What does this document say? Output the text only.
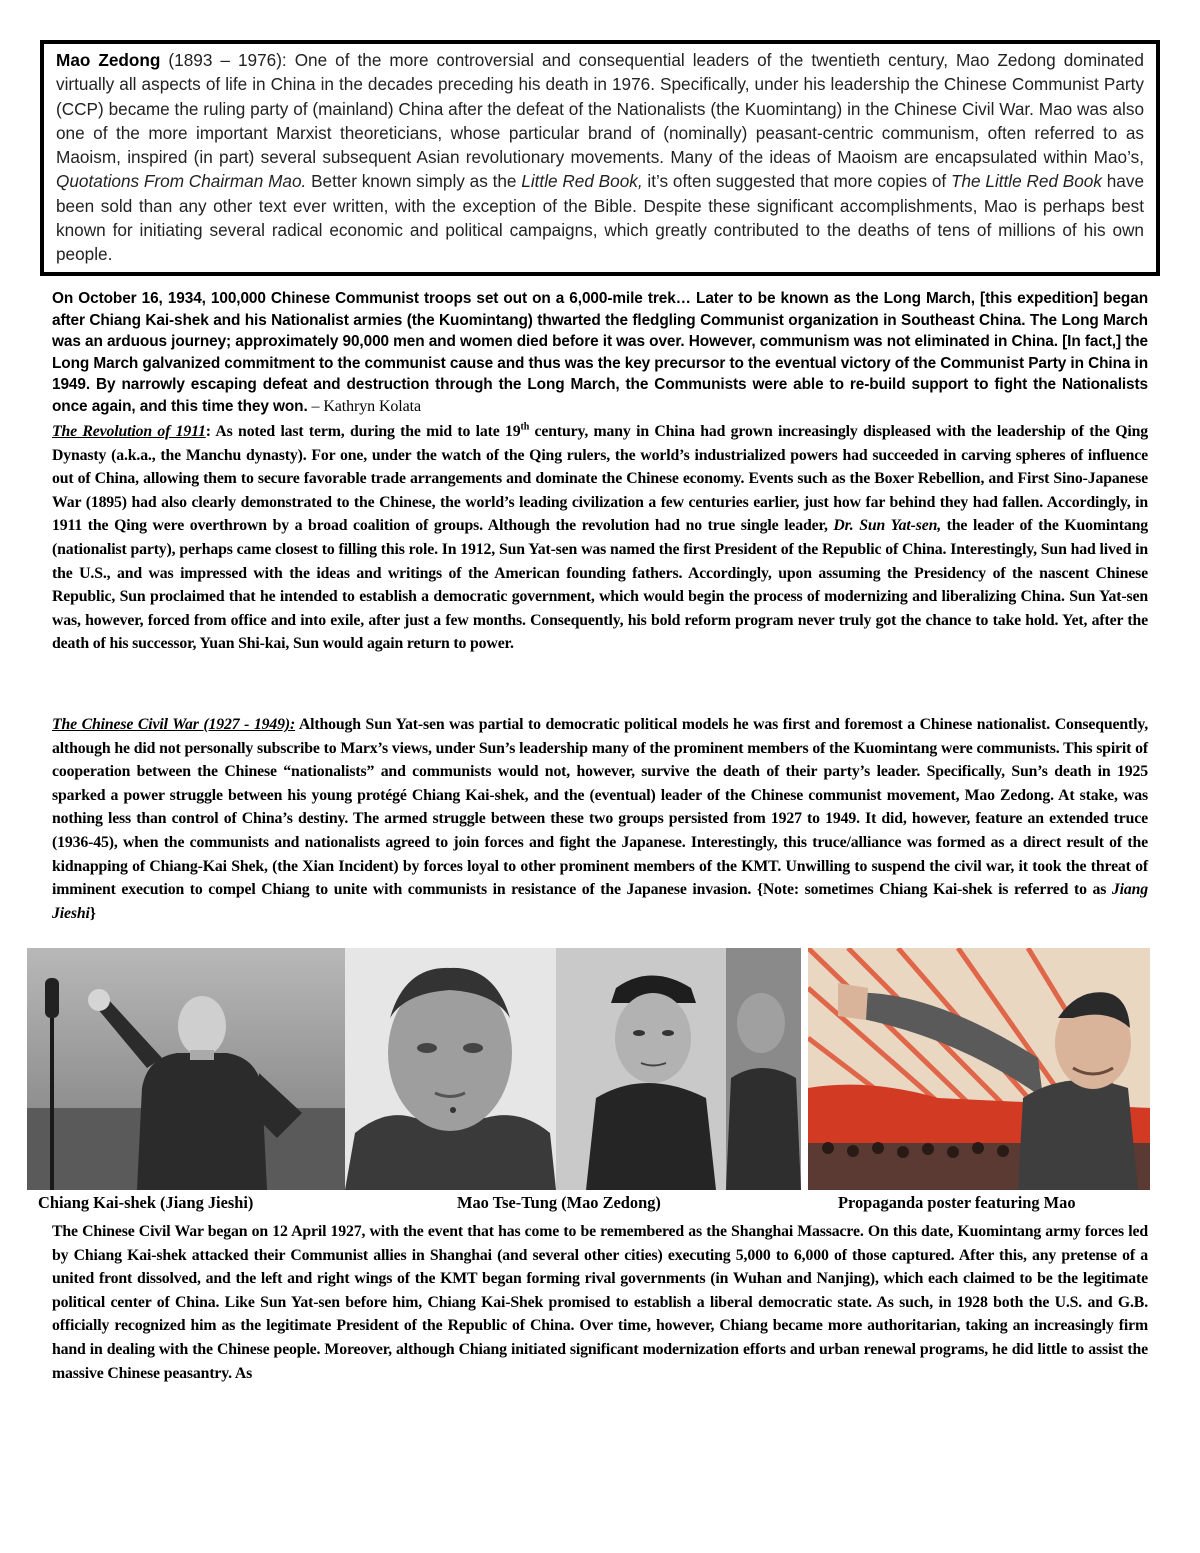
Mao Zedong (1893 – 1976): One of the more controversial and consequential leaders of the twentieth century, Mao Zedong dominated virtually all aspects of life in China in the decades preceding his death in 1976. Specifically, under his leadership the Chinese Communist Party (CCP) became the ruling party of (mainland) China after the defeat of the Nationalists (the Kuomintang) in the Chinese Civil War. Mao was also one of the more important Marxist theoreticians, whose particular brand of (nominally) peasant-centric communism, often referred to as Maoism, inspired (in part) several subsequent Asian revolutionary movements. Many of the ideas of Maoism are encapsulated within Mao’s, Quotations From Chairman Mao. Better known simply as the Little Red Book, it’s often suggested that more copies of The Little Red Book have been sold than any other text ever written, with the exception of the Bible. Despite these significant accomplishments, Mao is perhaps best known for initiating several radical economic and political campaigns, which greatly contributed to the deaths of tens of millions of his own people.
On October 16, 1934, 100,000 Chinese Communist troops set out on a 6,000-mile trek… Later to be known as the Long March, [this expedition] began after Chiang Kai-shek and his Nationalist armies (the Kuomintang) thwarted the fledgling Communist organization in Southeast China. The Long March was an arduous journey; approximately 90,000 men and women died before it was over. However, communism was not eliminated in China. [In fact,] the Long March galvanized commitment to the communist cause and thus was the key precursor to the eventual victory of the Communist Party in China in 1949. By narrowly escaping defeat and destruction through the Long March, the Communists were able to re-build support to fight the Nationalists once again, and this time they won. – Kathryn Kolata
The Revolution of 1911: As noted last term, during the mid to late 19th century, many in China had grown increasingly displeased with the leadership of the Qing Dynasty (a.k.a., the Manchu dynasty). For one, under the watch of the Qing rulers, the world’s industrialized powers had succeeded in carving spheres of influence out of China, allowing them to secure favorable trade arrangements and dominate the Chinese economy. Events such as the Boxer Rebellion, and First Sino-Japanese War (1895) had also clearly demonstrated to the Chinese, the world’s leading civilization a few centuries earlier, just how far behind they had fallen. Accordingly, in 1911 the Qing were overthrown by a broad coalition of groups. Although the revolution had no true single leader, Dr. Sun Yat-sen, the leader of the Kuomintang (nationalist party), perhaps came closest to filling this role. In 1912, Sun Yat-sen was named the first President of the Republic of China. Interestingly, Sun had lived in the U.S., and was impressed with the ideas and writings of the American founding fathers. Accordingly, upon assuming the Presidency of the nascent Chinese Republic, Sun proclaimed that he intended to establish a democratic government, which would begin the process of modernizing and liberalizing China. Sun Yat-sen was, however, forced from office and into exile, after just a few months. Consequently, his bold reform program never truly got the chance to take hold. Yet, after the death of his successor, Yuan Shi-kai, Sun would again return to power.
The Chinese Civil War (1927 - 1949): Although Sun Yat-sen was partial to democratic political models he was first and foremost a Chinese nationalist. Consequently, although he did not personally subscribe to Marx’s views, under Sun’s leadership many of the prominent members of the Kuomintang were communists. This spirit of cooperation between the Chinese “nationalists” and communists would not, however, survive the death of their party’s leader. Specifically, Sun’s death in 1925 sparked a power struggle between his young protégé Chiang Kai-shek, and the (eventual) leader of the Chinese communist movement, Mao Zedong. At stake, was nothing less than control of China’s destiny. The armed struggle between these two groups persisted from 1927 to 1949. It did, however, feature an extended truce (1936-45), when the communists and nationalists agreed to join forces and fight the Japanese. Interestingly, this truce/alliance was formed as a direct result of the kidnapping of Chiang-Kai Shek, (the Xian Incident) by forces loyal to other prominent members of the KMT. Unwilling to suspend the civil war, it took the threat of imminent execution to compel Chiang to unite with communists in resistance of the Japanese invasion. {Note: sometimes Chiang Kai-shek is referred to as Jiang Jieshi}
Chiang Kai-shek (Jiang Jieshi)	Mao Tse-Tung (Mao Zedong)	Propaganda poster featuring Mao
The Chinese Civil War began on 12 April 1927, with the event that has come to be remembered as the Shanghai Massacre. On this date, Kuomintang army forces led by Chiang Kai-shek attacked their Communist allies in Shanghai (and several other cities) executing 5,000 to 6,000 of those captured. After this, any pretense of a united front dissolved, and the left and right wings of the KMT began forming rival governments (in Wuhan and Nanjing), which each claimed to be the legitimate political center of China. Like Sun Yat-sen before him, Chiang Kai-Shek promised to establish a liberal democratic state. As such, in 1928 both the U.S. and G.B. officially recognized him as the legitimate President of the Republic of China. Over time, however, Chiang became more authoritarian, taking an increasingly firm hand in dealing with the Chinese people. Moreover, although Chiang initiated significant modernization efforts and urban renewal programs, he did little to assist the massive Chinese peasantry. As
